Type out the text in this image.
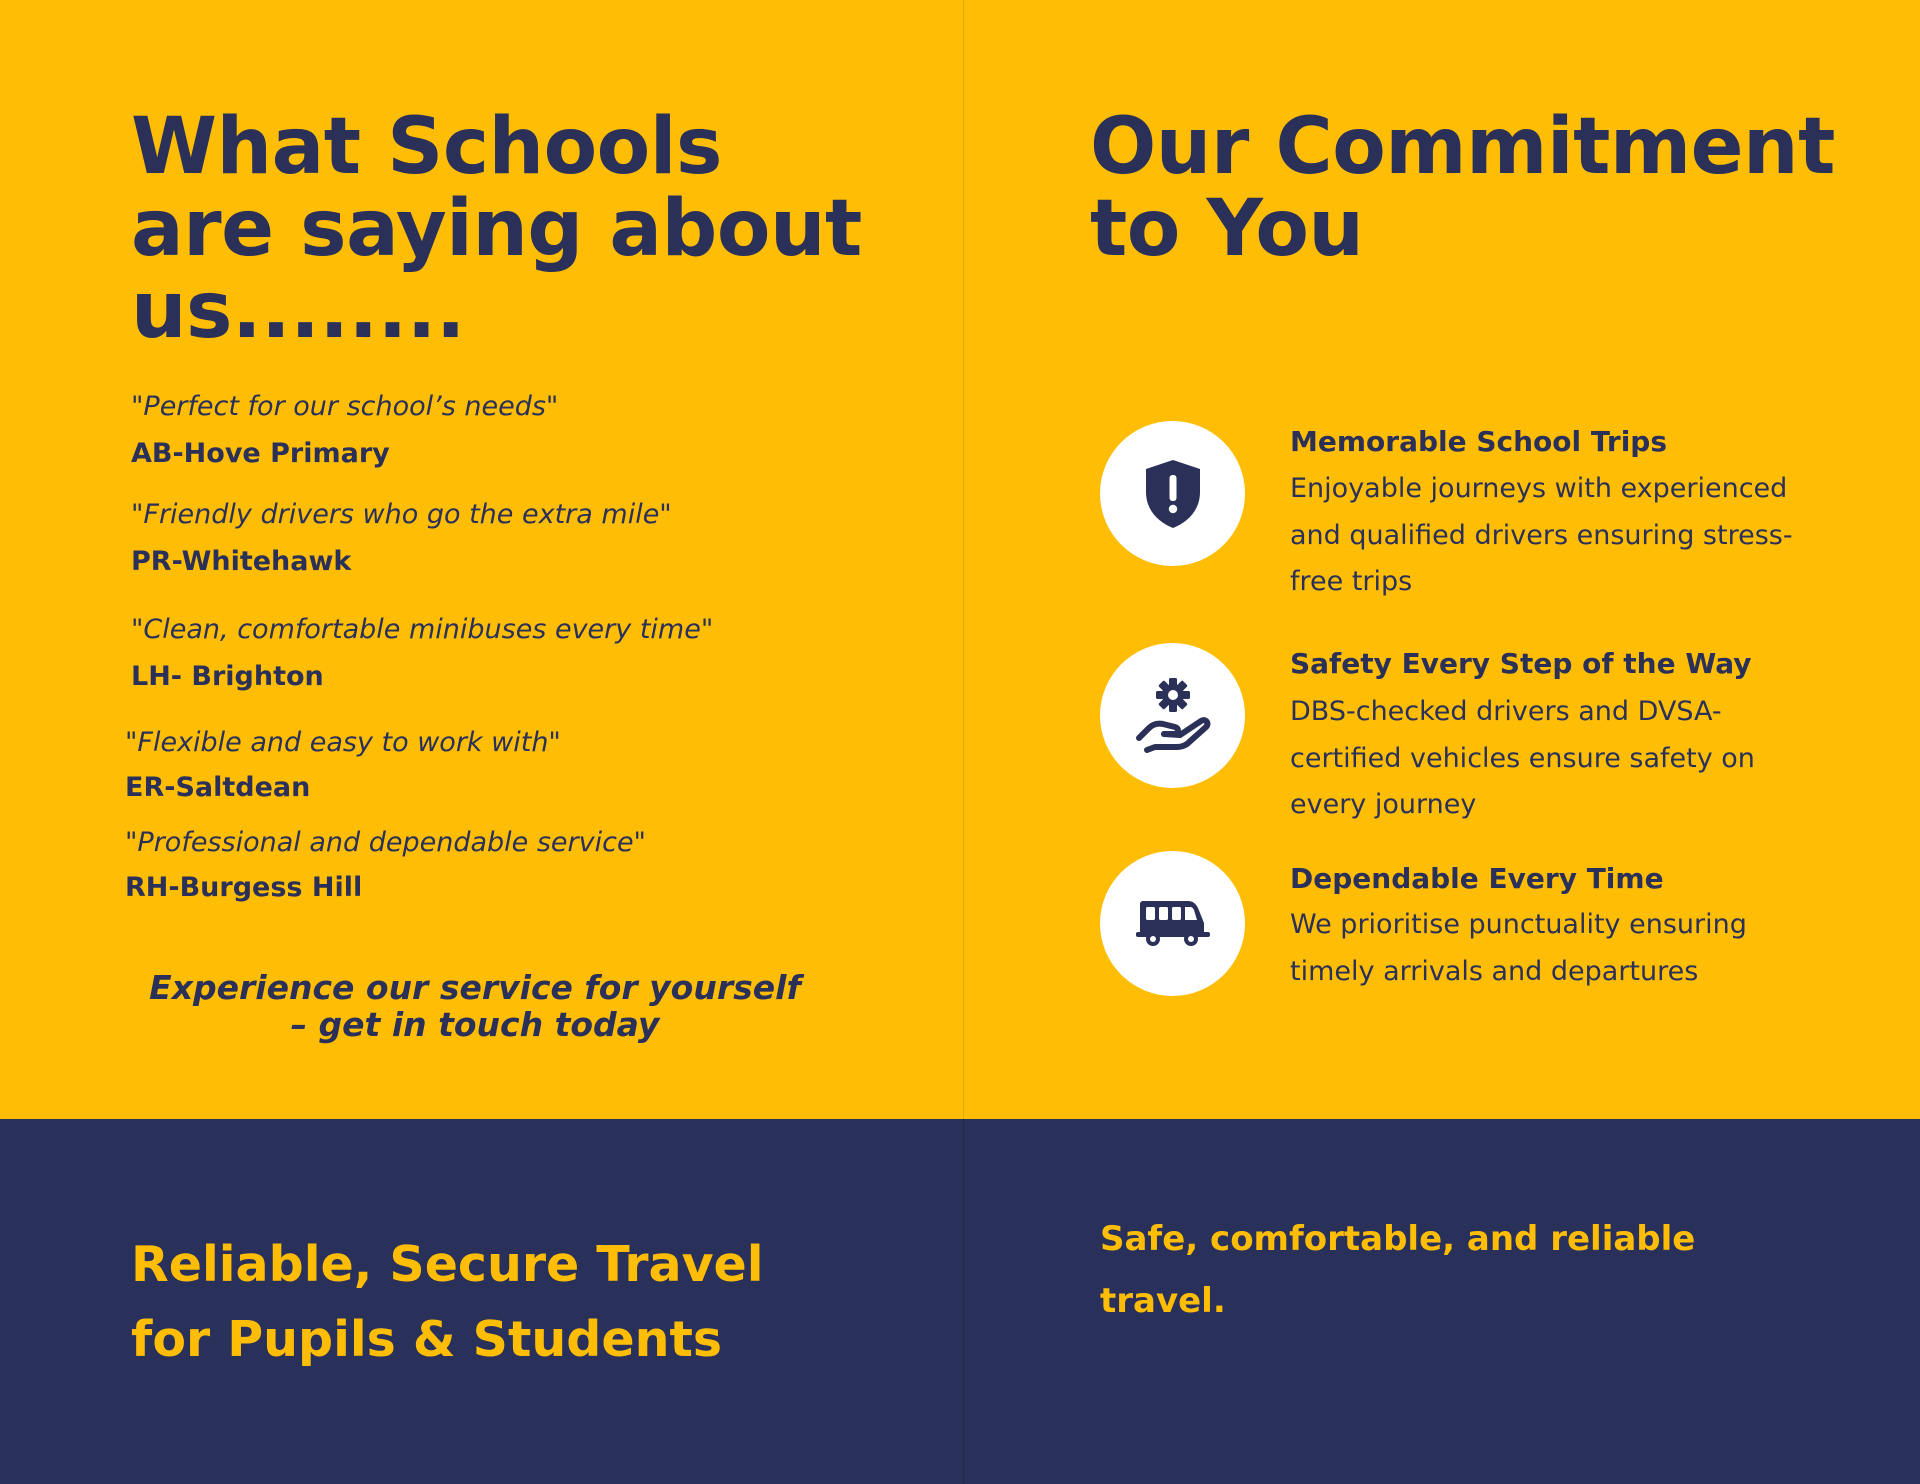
What Schools are saying about us........

"Perfect for our school’s needs"

AB-Hove Primary

"Friendly drivers who go the extra mile"

PR-Whitehawk

"Clean, comfortable minibuses every time"

LH- Brighton

"Flexible and easy to work with"

ER-Saltdean

"Professional and dependable service"

RH-Burgess Hill

Experience our service for yourself
– get in touch today

Our Commitment to You

Memorable School Trips

Enjoyable journeys with experienced and qualified drivers ensuring stress-free trips

Safety Every Step of the Way

DBS-checked drivers and DVSA-certified vehicles ensure safety on every journey

Dependable Every Time

We prioritise punctuality ensuring timely arrivals and departures

Reliable, Secure Travel
for Pupils & Students

Safe, comfortable, and reliable
travel.
